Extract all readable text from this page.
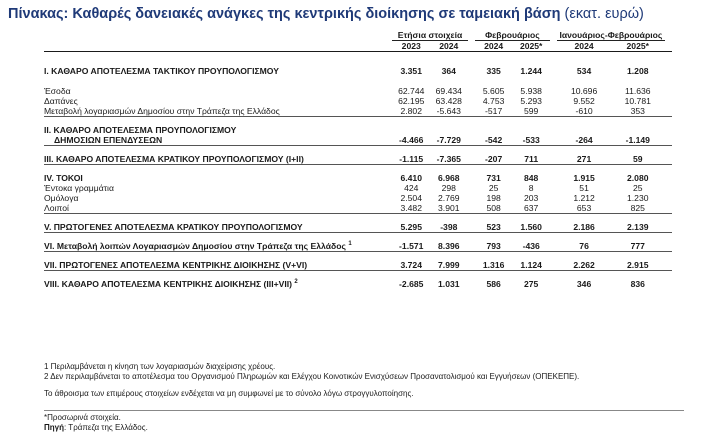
Πίνακας: Καθαρές δανειακές ανάγκες της κεντρικής διοίκησης σε ταμειακή βάση (εκατ. ευρώ)
	Ετήσια στοιχεία			Φεβρουάριος			Ιανουάριος-Φεβρουάριος		
	2023	2024		2024	2025*		2024	2025*	
I. ΚΑΘΑΡΟ ΑΠΟΤΕΛΕΣΜΑ ΤΑΚΤΙΚΟΥ ΠΡΟΥΠΟΛΟΓΙΣΜΟΥ	3.351	364		335	1.244		534	1.208	
Έσοδα	62.744	69.434		5.605	5.938		10.696	11.636	
Δαπάνες	62.195	63.428		4.753	5.293		9.552	10.781	
Μεταβολή λογαριασμών Δημοσίου στην Τράπεζα της Ελλάδος	2.802	-5.643		-517	599		-610	353	
II. ΚΑΘΑΡΟ ΑΠΟΤΕΛΕΣΜΑ ΠΡΟΥΠΟΛΟΓΙΣΜΟΥ
ΔΗΜΟΣΙΩΝ ΕΠΕΝΔΥΣΕΩΝ	-4.466	-7.729		-542	-533		-264	-1.149	
III. ΚΑΘΑΡΟ ΑΠΟΤΕΛΕΣΜΑ ΚΡΑΤΙΚΟΥ ΠΡΟΥΠΟΛΟΓΙΣΜΟΥ (I+II)	-1.115	-7.365		-207	711		271	59	
IV. ΤΟΚΟΙ	6.410	6.968		731	848		1.915	2.080	
Έντοκα γραμμάτια	424	298		25	8		51	25	
Ομόλογα	2.504	2.769		198	203		1.212	1.230	
Λοιποί	3.482	3.901		508	637		653	825	
V. ΠΡΩΤΟΓΕΝΕΣ ΑΠΟΤΕΛΕΣΜΑ ΚΡΑΤΙΚΟΥ ΠΡΟΥΠΟΛΟΓΙΣΜΟΥ	5.295	-398		523	1.560		2.186	2.139	
VI. Μεταβολή λοιπών Λογαριασμών Δημοσίου στην Τράπεζα της Ελλάδος $^1$	-1.571	8.396		793	-436		76	777	
VII. ΠΡΩΤΟΓΕΝΕΣ ΑΠΟΤΕΛΕΣΜΑ ΚΕΝΤΡΙΚΗΣ ΔΙΟΙΚΗΣΗΣ (V+VI)	3.724	7.999		1.316	1.124		2.262	2.915	
VIII. ΚΑΘΑΡΟ ΑΠΟΤΕΛΕΣΜΑ ΚΕΝΤΡΙΚΗΣ ΔΙΟΙΚΗΣΗΣ (III+VII) $^2$	-2.685	1.031		586	275		346	836	
1 Περιλαμβάνεται η κίνηση των λογαριασμών διαχείρισης χρέους.
2 Δεν περιλαμβάνεται το αποτέλεσμα του Οργανισμού Πληρωμών και Ελέγχου Κοινοτικών Ενισχύσεων Προσανατολισμού και Εγγυήσεων (ΟΠΕΚΕΠΕ).
Το άθροισμα των επιμέρους στοιχείων ενδέχεται να μη συμφωνεί με το σύνολο λόγω στρογγυλοποίησης.
*Προσωρινά στοιχεία.
Πηγή: Τράπεζα της Ελλάδος.
